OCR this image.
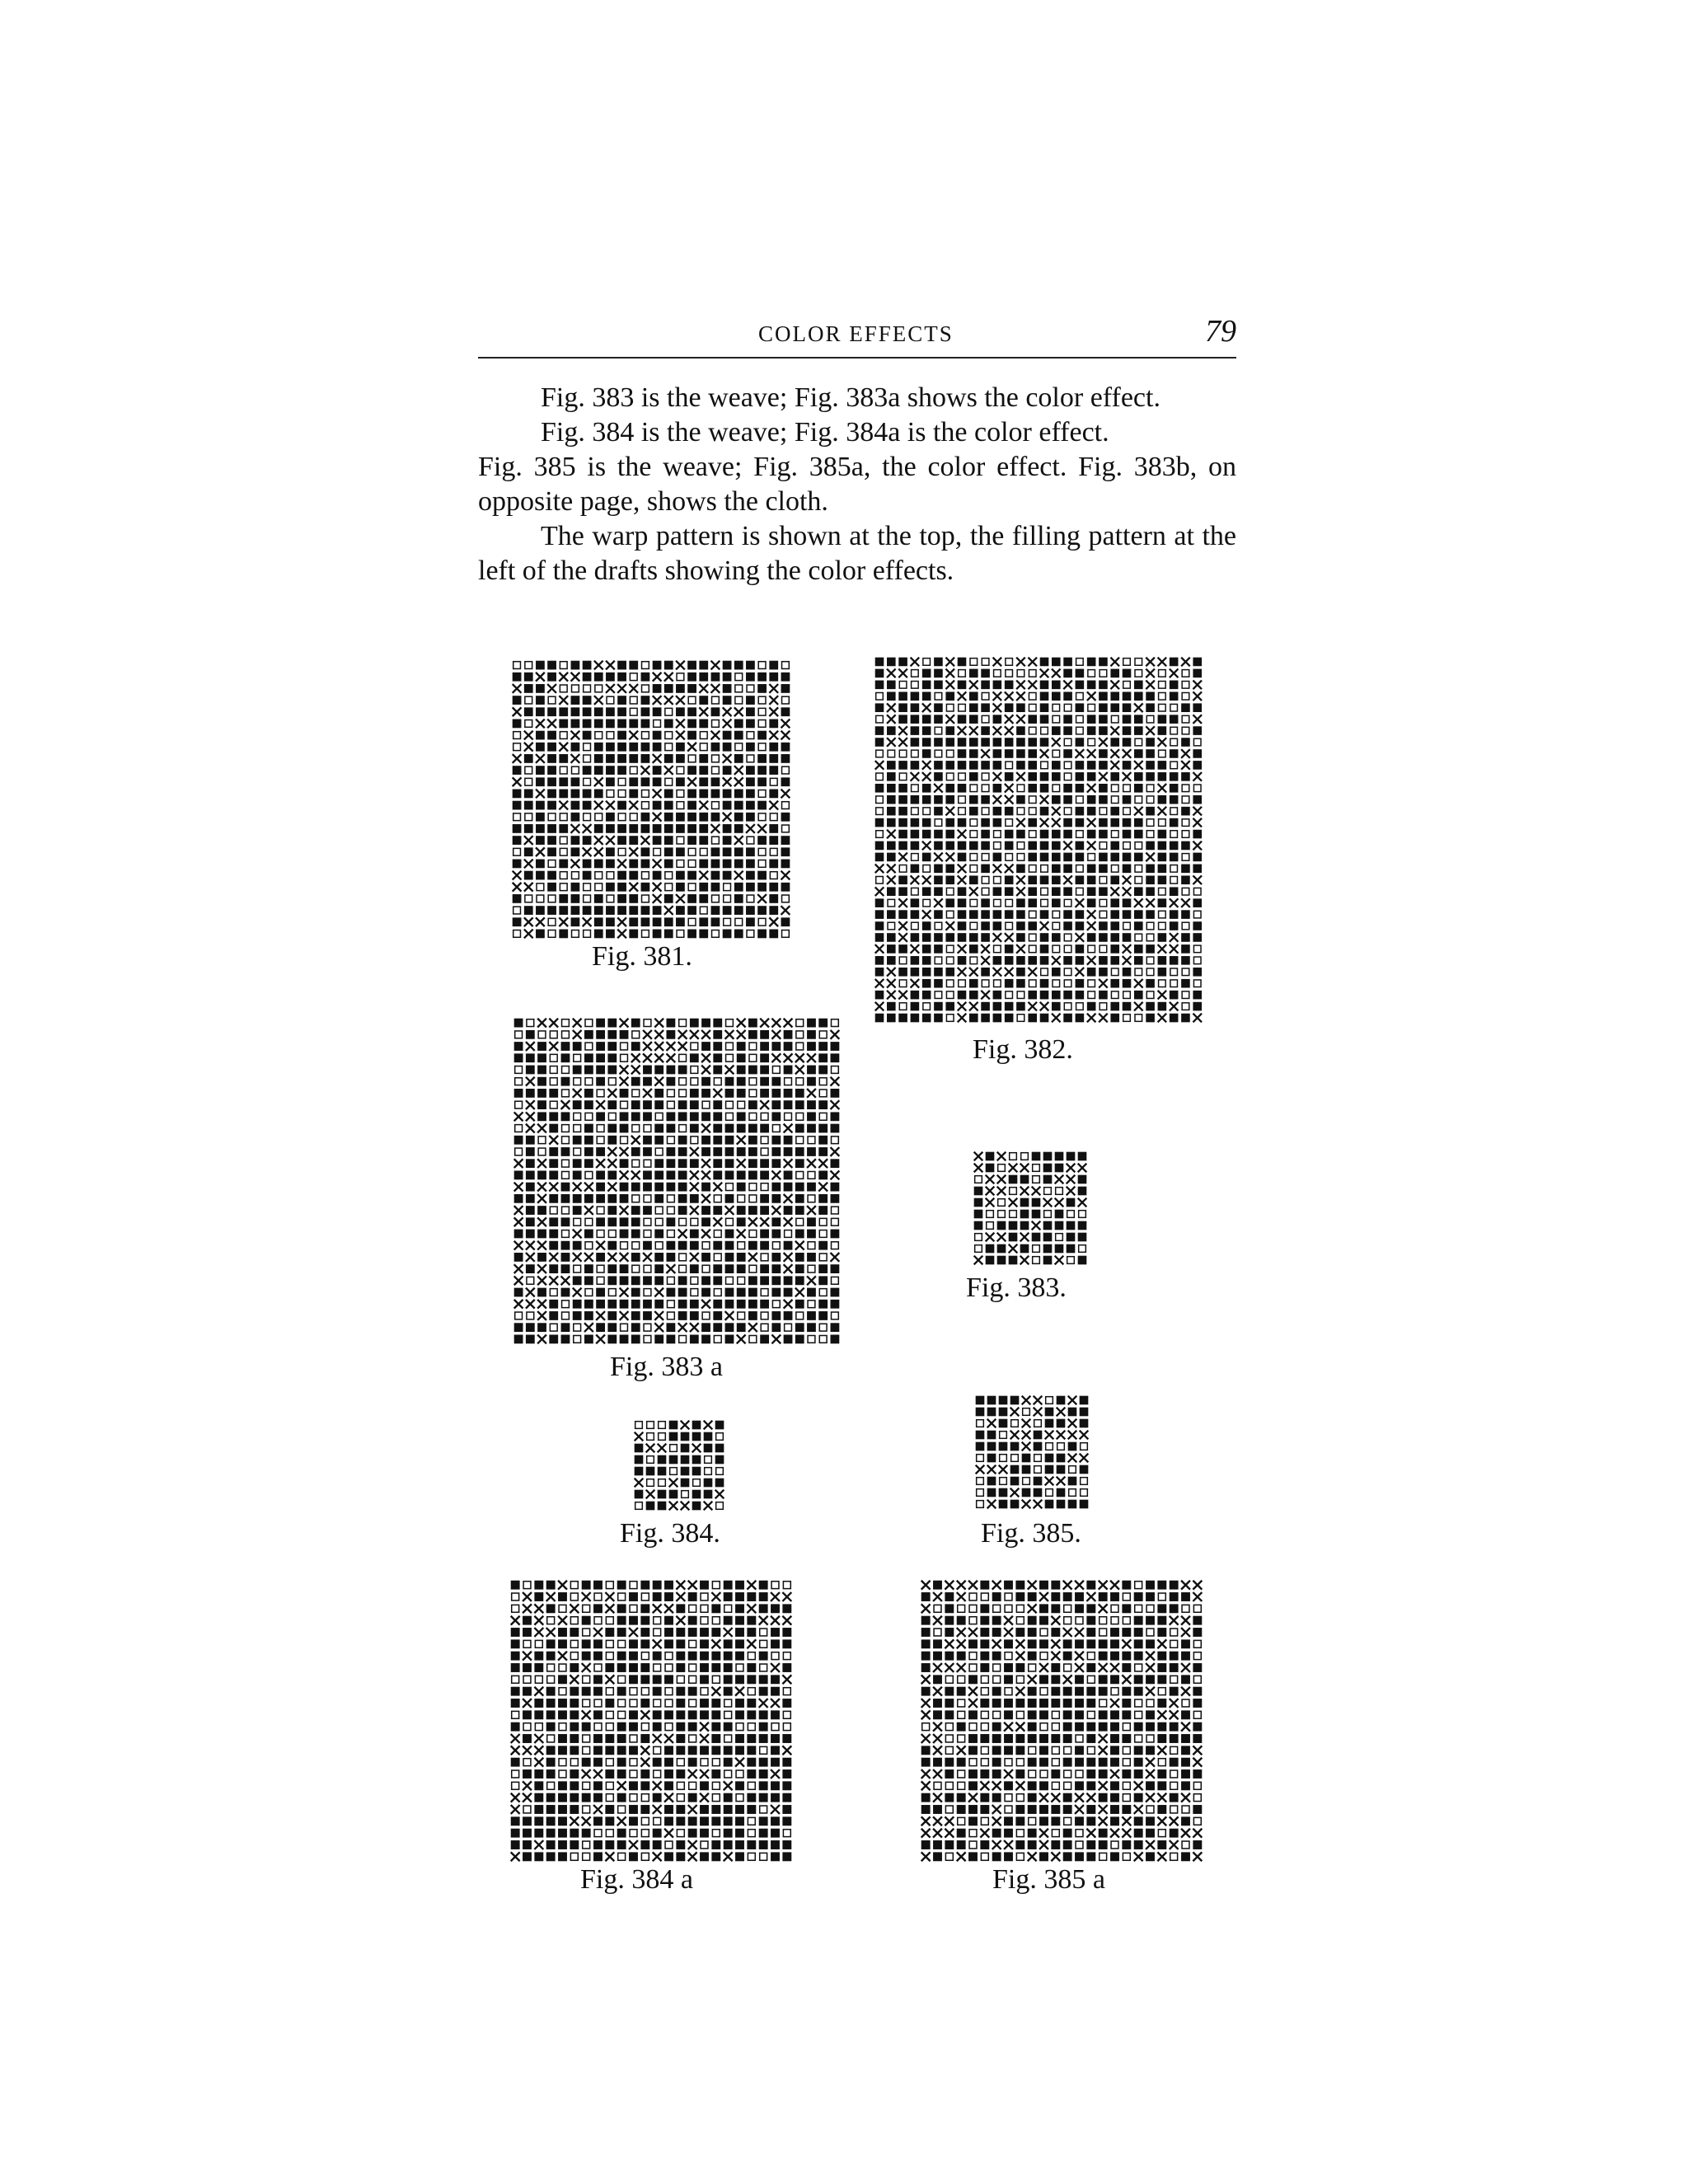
COLOR EFFECTS	79

Fig. 383 is the weave; Fig. 383a shows the color effect.

Fig. 384 is the weave; Fig. 384a is the color effect.

Fig. 385 is the weave; Fig. 385a, the color effect. Fig. 383b, on opposite page, shows the cloth.

The warp pattern is shown at the top, the filling pattern at the left of the drafts showing the color effects.

Fig. 381.
Fig. 382.
Fig. 383 a
Fig. 383.
Fig. 384.	Fig. 385.
Fig. 384 a	Fig. 385 a
